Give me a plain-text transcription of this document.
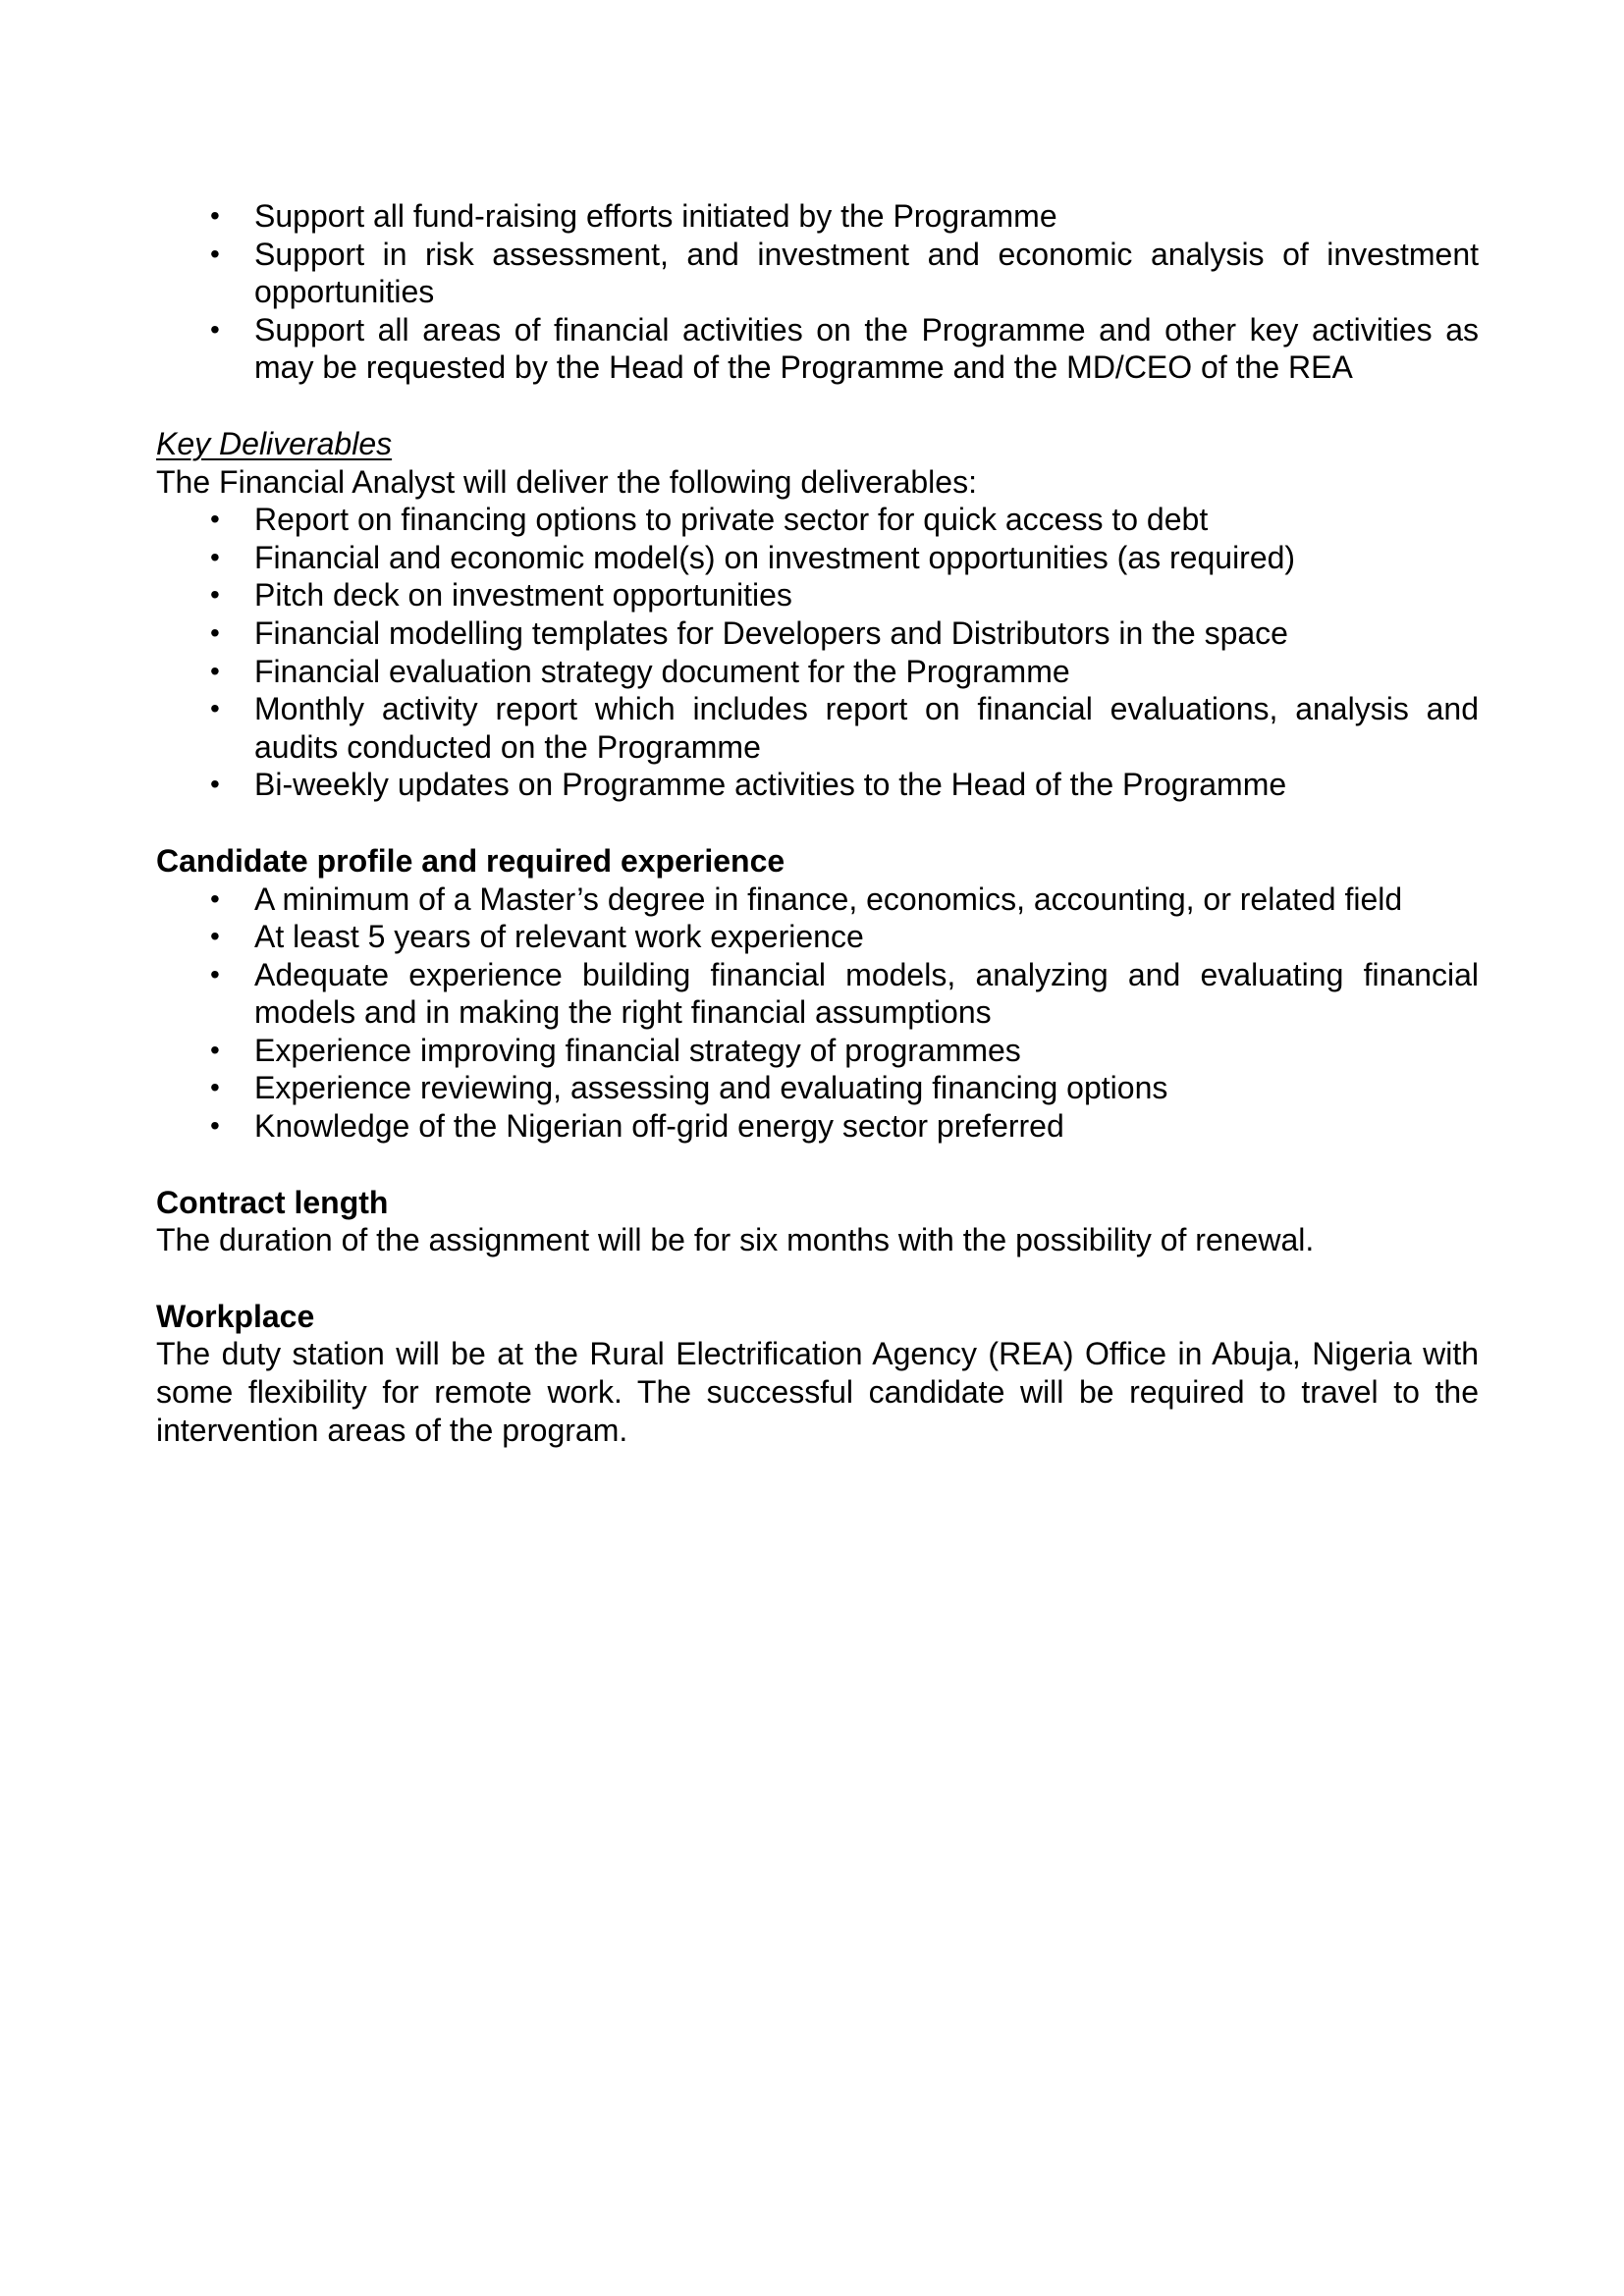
• Support all fund-raising efforts initiated by the Programme
• Support in risk assessment, and investment and economic analysis of investment opportunities
• Support all areas of financial activities on the Programme and other key activities as may be requested by the Head of the Programme and the MD/CEO of the REA
Key Deliverables
The Financial Analyst will deliver the following deliverables:
• Report on financing options to private sector for quick access to debt
• Financial and economic model(s) on investment opportunities (as required)
• Pitch deck on investment opportunities
• Financial modelling templates for Developers and Distributors in the space
• Financial evaluation strategy document for the Programme
• Monthly activity report which includes report on financial evaluations, analysis and audits conducted on the Programme
• Bi-weekly updates on Programme activities to the Head of the Programme
Candidate profile and required experience
• A minimum of a Master’s degree in finance, economics, accounting, or related field
• At least 5 years of relevant work experience
• Adequate experience building financial models, analyzing and evaluating financial models and in making the right financial assumptions
• Experience improving financial strategy of programmes
• Experience reviewing, assessing and evaluating financing options
• Knowledge of the Nigerian off-grid energy sector preferred
Contract length

The duration of the assignment will be for six months with the possibility of renewal.

Workplace

The duty station will be at the Rural Electrification Agency (REA) Office in Abuja, Nigeria with some flexibility for remote work. The successful candidate will be required to travel to the intervention areas of the program.
